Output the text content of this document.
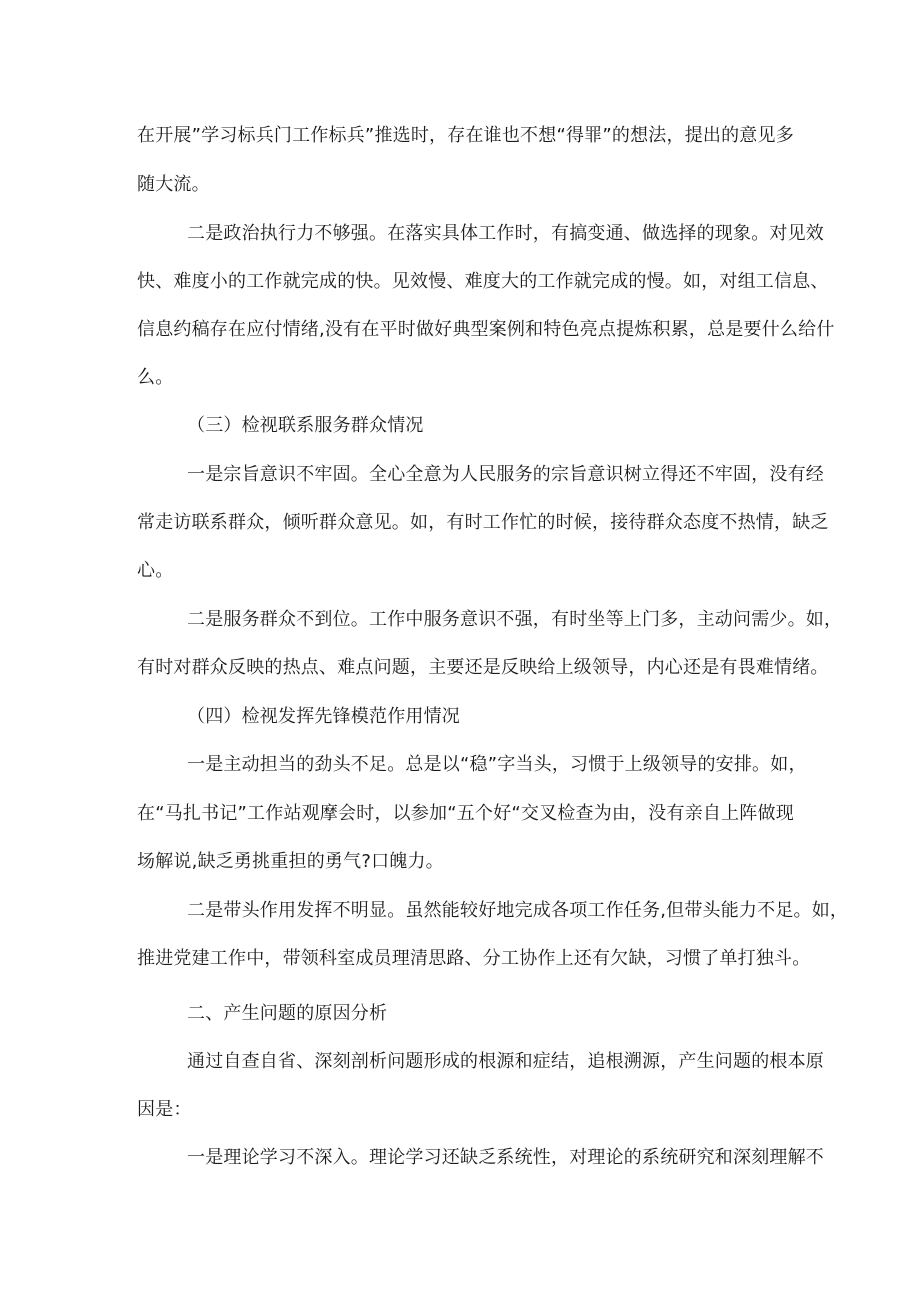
在开展”学习标兵门工作标兵”推选时，存在谁也不想“得罪”的想法，提出的意见多
随大流。
二是政治执行力不够强。在落实具体工作时，有搞变通、做选择的现象。对见效
快、难度小的工作就完成的快。见效慢、难度大的工作就完成的慢。如，对组工信息、
信息约稿存在应付情绪,没有在平时做好典型案例和特色亮点提炼积累，总是要什么给什
么。
（三）检视联系服务群众情况
一是宗旨意识不牢固。全心全意为人民服务的宗旨意识树立得还不牢固，没有经
常走访联系群众，倾听群众意见。如，有时工作忙的时候，接待群众态度不热情，缺乏
心。
二是服务群众不到位。工作中服务意识不强，有时坐等上门多，主动问需少。如，
有时对群众反映的热点、难点问题，主要还是反映给上级领导，内心还是有畏难情绪。
（四）检视发挥先锋模范作用情况
一是主动担当的劲头不足。总是以“稳”字当头，习惯于上级领导的安排。如，
在“马扎书记”工作站观摩会时，以参加“五个好“交叉检查为由，没有亲自上阵做现
场解说,缺乏勇挑重担的勇气?口魄力。
二是带头作用发挥不明显。虽然能较好地完成各项工作任务,但带头能力不足。如，
推进党建工作中，带领科室成员理清思路、分工协作上还有欠缺，习惯了单打独斗。
二、产生问题的原因分析
通过自查自省、深刻剖析问题形成的根源和症结，追根溯源，产生问题的根本原
因是：
一是理论学习不深入。理论学习还缺乏系统性，对理论的系统研究和深刻理解不
